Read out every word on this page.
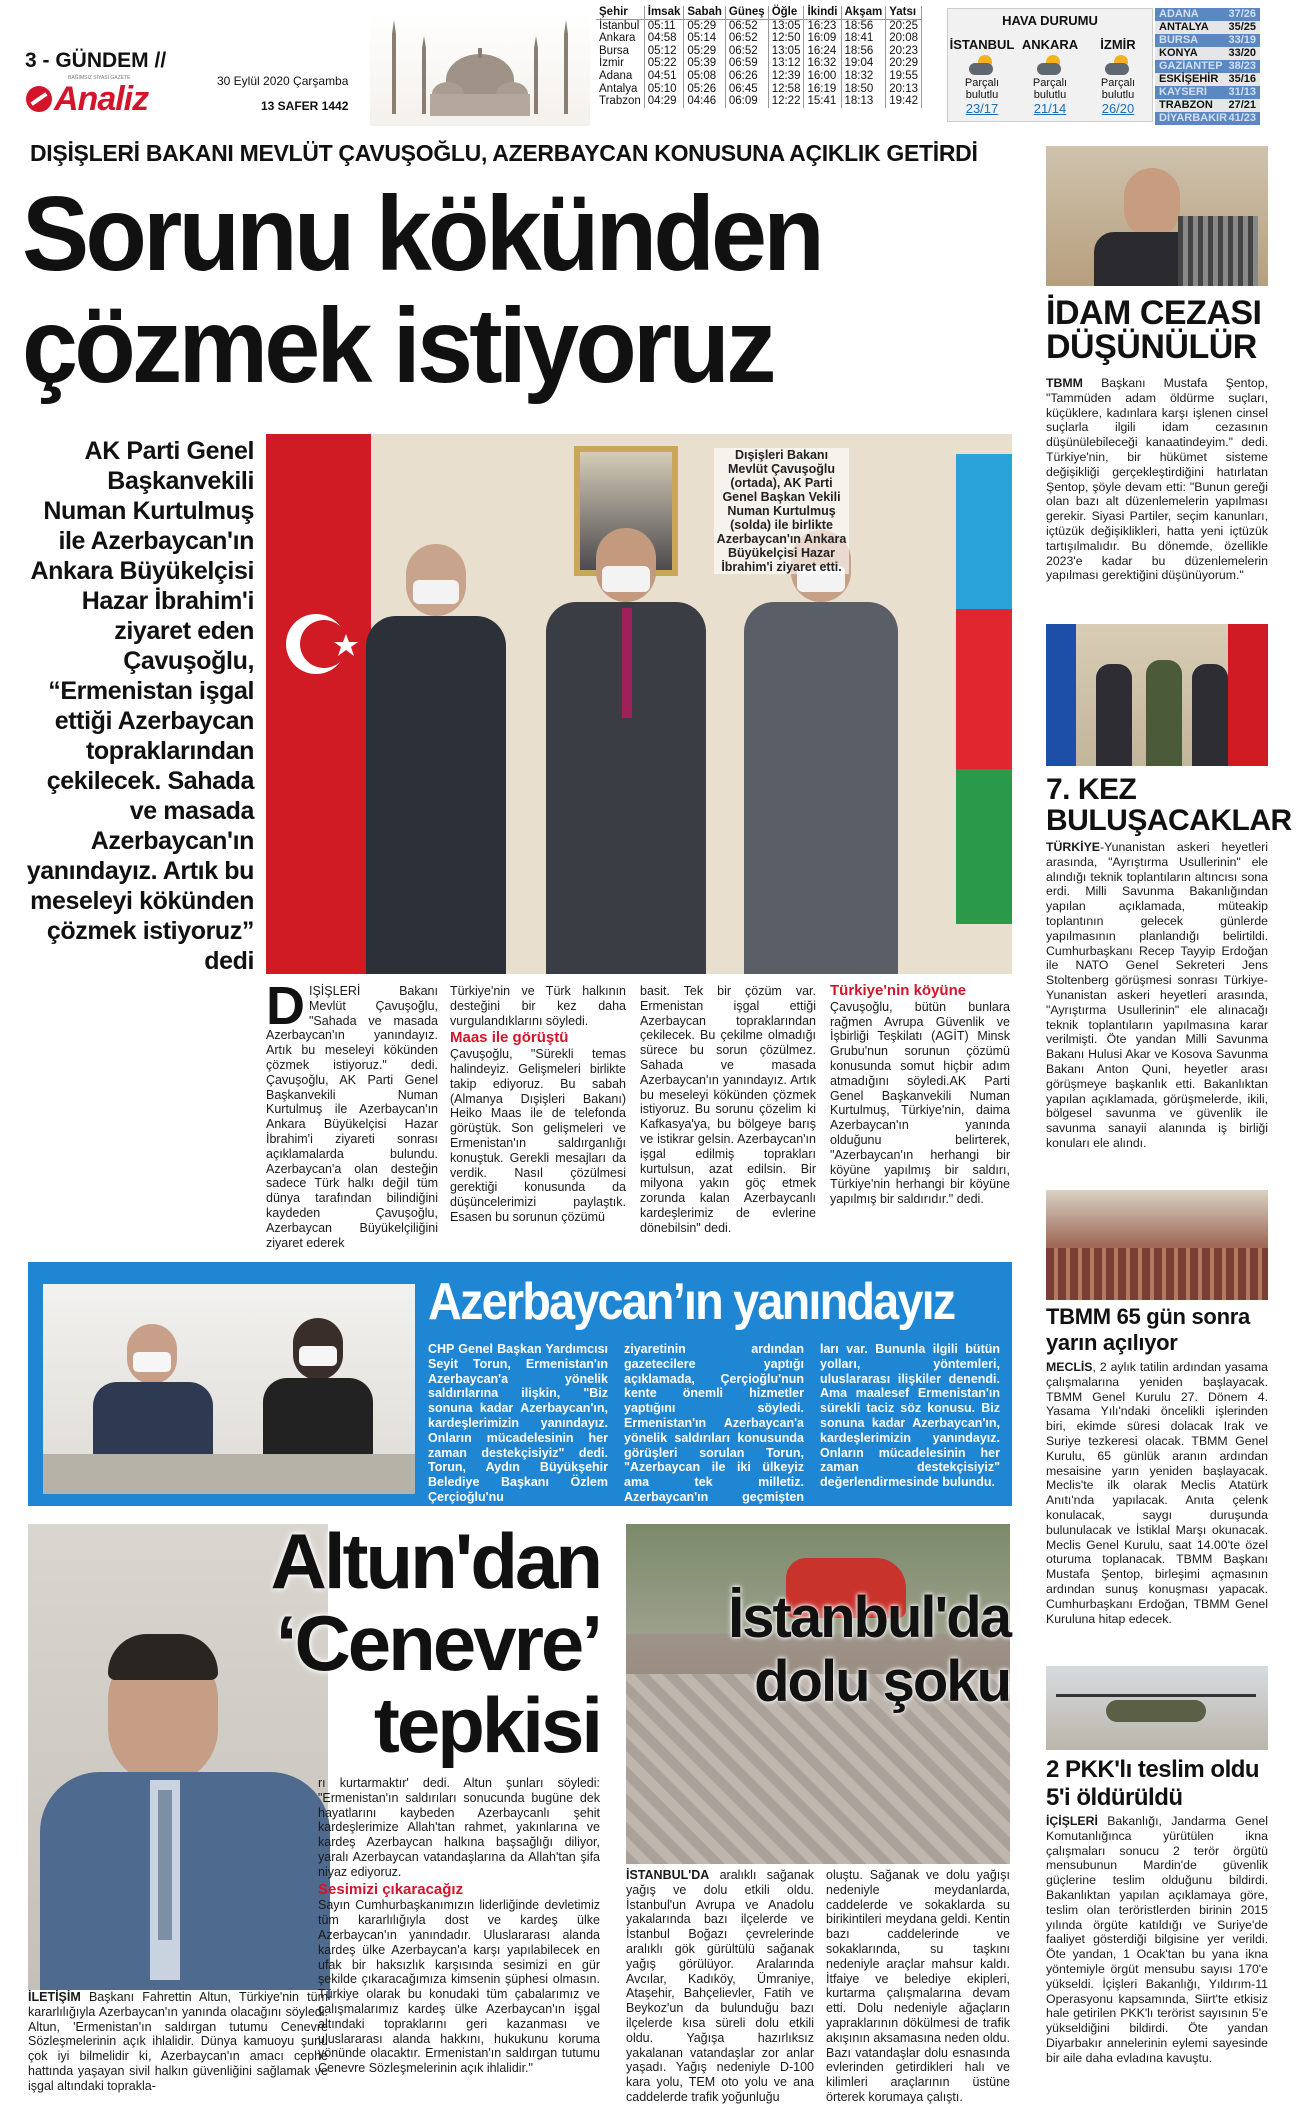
3 - GÜNDEM //
Analiz
BAĞIMSIZ SİYASİ GAZETE	30 Eylül 2020 Çarşamba
13 SAFER 1442
Şehir	İmsak	Sabah	Güneş	Öğle	İkindi	Akşam	Yatsı
İstanbul	05:11	05:29	06:52	13:05	16:23	18:56	20:25
Ankara	04:58	05:14	06:52	12:50	16:09	18:41	20:08
Bursa	05:12	05:29	06:52	13:05	16:24	18:56	20:23
İzmir	05:22	05:39	06:59	13:12	16:32	19:04	20:29
Adana	04:51	05:08	06:26	12:39	16:00	18:32	19:55
Antalya	05:10	05:26	06:45	12:58	16:19	18:50	20:13
Trabzon	04:29	04:46	06:09	12:22	15:41	18:13	19:42
HAVA DURUMU
İSTANBUL
Parçalı
bulutlu
23/17
ANKARA
Parçalı
bulutlu
21/14
İZMİR
Parçalı
bulutlu
26/20
ADANA	37/26
ANTALYA 35/25
BURSA	33/19
KONYA	33/20
GAZİANTEP 38/23
ESKİŞEHİR 35/16
KAYSERİ 31/13
TRABZON 27/21
DİYARBAKIR 41/23
DIŞİŞLERİ BAKANI MEVLÜT ÇAVUŞOĞLU, AZERBAYCAN KONUSUNA AÇIKLIK GETİRDİ
Sorunu kökünden
çözmek istiyoruz
AK Parti Genel Başkanvekili Numan Kurtulmuş ile Azerbaycan'ın Ankara Büyükelçisi Hazar İbrahim'i ziyaret eden Çavuşoğlu, “Ermenistan işgal ettiği Azerbaycan topraklarından çekilecek. Sahada ve masada Azerbaycan'ın yanındayız. Artık bu meseleyi kökünden çözmek istiyoruz” dedi
Dışişleri Bakanı Mevlüt Çavuşoğlu (ortada), AK Parti Genel Başkan Vekili Numan Kurtulmuş (solda) ile birlikte Azerbaycan'ın Ankara Büyükelçisi Hazar İbrahim'i ziyaret etti.
D IŞİŞLERİ Bakanı Mevlüt Çavuşoğlu, "Sahada ve masada Azerbaycan'ın yanındayız. Artık bu meseleyi kökünden çözmek istiyoruz." dedi. Çavuşoğlu, AK Parti Genel Başkanvekili Numan Kurtulmuş ile Azerbaycan'ın Ankara Büyükelçisi Hazar İbrahim'i ziyareti sonrası açıklamalarda bulundu. Azerbaycan'a olan desteğin sadece Türk halkı değil tüm dünya tarafından bilindiğini kaydeden Çavuşoğlu, Azerbaycan Büyükelçiliğini ziyaret ederek

Türkiye'nin ve Türk halkının desteğini bir kez daha vurgulandıklarını söyledi.

Maas ile görüştü

Çavuşoğlu, "Sürekli temas halindeyiz. Gelişmeleri birlikte takip ediyoruz. Bu sabah (Almanya Dışişleri Bakanı) Heiko Maas ile de telefonda görüştük. Son gelişmeleri ve Ermenistan'ın saldırganlığı konuştuk. Gerekli mesajları da verdik. Nasıl çözülmesi gerektiği konusunda da düşüncelerimizi paylaştık. Esasen bu sorunun çözümü

basit. Tek bir çözüm var. Ermenistan işgal ettiği Azerbaycan topraklarından çekilecek. Bu çekilme olmadığı sürece bu sorun çözülmez. Sahada ve masada Azerbaycan'ın yanındayız. Artık bu meseleyi kökünden çözmek istiyoruz. Bu sorunu çözelim ki Kafkasya'ya, bu bölgeye barış ve istikrar gelsin. Azerbaycan'ın işgal edilmiş toprakları kurtulsun, azat edilsin. Bir milyona yakın göç etmek zorunda kalan Azerbaycanlı kardeşlerimiz de evlerine dönebilsin" dedi.

Türkiye'nin köyüne

Çavuşoğlu, bütün bunlara rağmen Avrupa Güvenlik ve İşbirliği Teşkilatı (AGİT) Minsk Grubu'nun sorunun çözümü konusunda somut hiçbir adım atmadığını söyledi.AK Parti Genel Başkanvekili Numan Kurtulmuş, Türkiye'nin, daima Azerbaycan'ın yanında olduğunu belirterek, "Azerbaycan'ın herhangi bir köyüne yapılmış bir saldırı, Türkiye'nin herhangi bir köyüne yapılmış bir saldırıdır." dedi.

Azerbaycan’ın yanındayız
CHP Genel Başkan Yardımcısı Seyit Torun, Ermenistan'ın Azerbaycan'a yönelik saldırılarına ilişkin, "Biz sonuna kadar Azerbaycan'ın, kardeşlerimizin yanındayız. Onların mücadelesinin her zaman destekçisiyiz" dedi. Torun, Aydın Büyükşehir Belediye Başkanı Özlem Çerçioğlu'nu
ziyaretinin ardından gazetecilere yaptığı açıklamada, Çerçioğlu'nun kente önemli hizmetler yaptığını söyledi. Ermenistan'ın Azerbaycan'a yönelik saldırıları konusunda görüşleri sorulan Torun, "Azerbaycan ile iki ülkeyiz ama tek milletiz. Azerbaycan'ın geçmişten doğan hak-
ları var. Bununla ilgili bütün yolları, yöntemleri, uluslararası ilişkiler denendi. Ama maalesef Ermenistan'ın sürekli taciz söz konusu. Biz sonuna kadar Azerbaycan'ın, kardeşlerimizin yanındayız. Onların mücadelesinin her zaman destekçisiyiz" değerlendirmesinde bulundu.
Altun'dan
‘Cenevre’
tepkisi
İLETİŞİM Başkanı Fahrettin Altun, Türkiye'nin tüm kararlılığıyla Azerbaycan'ın yanında olacağını söyledi. Altun, 'Ermenistan'ın saldırgan tutumu Cenevre Sözleşmelerinin açık ihlalidir. Dünya kamuoyu şunu çok iyi bilmelidir ki, Azerbaycan'ın amacı cephe hattında yaşayan sivil halkın güvenliğini sağlamak ve işgal altındaki toprakla-

rı kurtarmaktır' dedi. Altun şunları söyledi: "Ermenistan'ın saldırıları sonucunda bugüne dek hayatlarını kaybeden Azerbaycanlı şehit kardeşlerimize Allah'tan rahmet, yakınlarına ve kardeş Azerbaycan halkına başsağlığı diliyor, yaralı Azerbaycan vatandaşlarına da Allah'tan şifa niyaz ediyoruz.

Sesimizi çıkaracağız

Sayın Cumhurbaşkanımızın liderliğinde devletimiz tüm kararlılığıyla dost ve kardeş ülke Azerbaycan'ın yanındadır. Uluslararası alanda kardeş ülke Azerbaycan'a karşı yapılabilecek en ufak bir haksızlık karşısında sesimizi en gür şekilde çıkaracağımıza kimsenin şüphesi olmasın. Türkiye olarak bu konudaki tüm çabalarımız ve çalışmalarımız kardeş ülke Azerbaycan'ın işgal altındaki topraklarını geri kazanması ve uluslararası alanda hakkını, hukukunu koruma yönünde olacaktır. Ermenistan'ın saldırgan tutumu Cenevre Sözleşmelerinin açık ihlalidir."

İstanbul'da
dolu şoku
İSTANBUL'DA aralıklı sağanak yağış ve dolu etkili oldu. İstanbul'un Avrupa ve Anadolu yakalarında bazı ilçelerde ve İstanbul Boğazı çevrelerinde aralıklı gök gürültülü sağanak yağış görülüyor. Aralarında Avcılar, Kadıköy, Ümraniye, Ataşehir, Bahçelievler, Fatih ve Beykoz'un da bulunduğu bazı ilçelerde kısa süreli dolu etkili oldu. Yağışa hazırlıksız yakalanan vatandaşlar zor anlar yaşadı. Yağış nedeniyle D-100 kara yolu, TEM oto yolu ve ana caddelerde trafik yoğunluğu
oluştu. Sağanak ve dolu yağışı nedeniyle meydanlarda, caddelerde ve sokaklarda su birikintileri meydana geldi. Kentin bazı caddelerinde ve sokaklarında, su taşkını nedeniyle araçlar mahsur kaldı. İtfaiye ve belediye ekipleri, kurtarma çalışmalarına devam etti. Dolu nedeniyle ağaçların yapraklarının dökülmesi de trafik akışının aksamasına neden oldu. Bazı vatandaşlar dolu esnasında evlerinden getirdikleri halı ve kilimleri araçlarının üstüne örterek korumaya çalıştı.
İDAM CEZASI
DÜŞÜNÜLÜR
TBMM Başkanı Mustafa Şentop, "Tammüden adam öldürme suçları, küçüklere, kadınlara karşı işlenen cinsel suçlarla ilgili idam cezasının düşünülebileceği kanaatindeyim." dedi. Türkiye'nin, bir hükümet sisteme değişikliği gerçekleştirdiğini hatırlatan Şentop, şöyle devam etti: "Bunun gereği olan bazı alt düzenlemelerin yapılması gerekir. Siyasi Partiler, seçim kanunları, içtüzük değişiklikleri, hatta yeni içtüzük tartışılmalıdır. Bu dönemde, özellikle 2023'e kadar bu düzenlemelerin yapılması gerektiğini düşünüyorum."
7. KEZ
BULUŞACAKLAR
TÜRKİYE-Yunanistan askeri heyetleri arasında, "Ayrıştırma Usullerinin" ele alındığı teknik toplantıların altıncısı sona erdi. Milli Savunma Bakanlığından yapılan açıklamada, müteakip toplantının gelecek günlerde yapılmasının planlandığı belirtildi. Cumhurbaşkanı Recep Tayyip Erdoğan ile NATO Genel Sekreteri Jens Stoltenberg görüşmesi sonrası Türkiye-Yunanistan askeri heyetleri arasında, "Ayrıştırma Usullerinin" ele alınacağı teknik toplantıların yapılmasına karar verilmişti. Öte yandan Milli Savunma Bakanı Hulusi Akar ve Kosova Savunma Bakanı Anton Quni, heyetler arası görüşmeye başkanlık etti. Bakanlıktan yapılan açıklamada, görüşmelerde, ikili, bölgesel savunma ve güvenlik ile savunma sanayii alanında iş birliği konuları ele alındı.
TBMM 65 gün sonra
yarın açılıyor
MECLİS, 2 aylık tatilin ardından yasama çalışmalarına yeniden başlayacak. TBMM Genel Kurulu 27. Dönem 4. Yasama Yılı'ndaki öncelikli işlerinden biri, ekimde süresi dolacak Irak ve Suriye tezkeresi olacak. TBMM Genel Kurulu, 65 günlük aranın ardından mesaisine yarın yeniden başlayacak. Meclis'te ilk olarak Meclis Atatürk Anıtı'nda yapılacak. Anıta çelenk konulacak, saygı duruşunda bulunulacak ve İstiklal Marşı okunacak. Meclis Genel Kurulu, saat 14.00'te özel oturuma toplanacak. TBMM Başkanı Mustafa Şentop, birleşimi açmasının ardından sunuş konuşması yapacak. Cumhurbaşkanı Erdoğan, TBMM Genel Kuruluna hitap edecek.
2 PKK'lı teslim oldu
5'i öldürüldü
İÇİŞLERİ Bakanlığı, Jandarma Genel Komutanlığınca yürütülen ikna çalışmaları sonucu 2 terör örgütü mensubunun Mardin'de güvenlik güçlerine teslim olduğunu bildirdi. Bakanlıktan yapılan açıklamaya göre, teslim olan teröristlerden birinin 2015 yılında örgüte katıldığı ve Suriye'de faaliyet gösterdiği bilgisine yer verildi. Öte yandan, 1 Ocak'tan bu yana ikna yöntemiyle örgüt mensubu sayısı 170'e yükseldi. İçişleri Bakanlığı, Yıldırım-11 Operasyonu kapsamında, Siirt'te etkisiz hale getirilen PKK'lı terörist sayısının 5'e yükseldiğini bildirdi. Öte yandan Diyarbakır annelerinin eylemi sayesinde bir aile daha evladına kavuştu.
